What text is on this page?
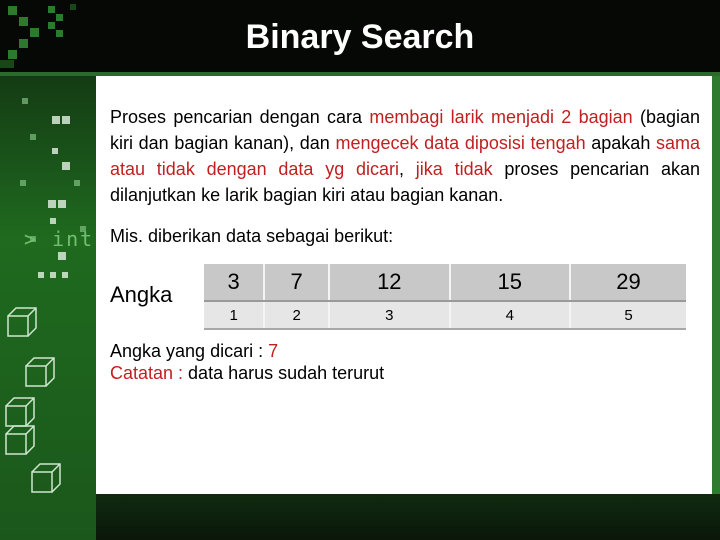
Binary Search
> int
Proses pencarian dengan cara membagi larik menjadi 2 bagian (bagian kiri dan bagian kanan), dan mengecek data diposisi tengah apakah sama atau tidak dengan data yg dicari, jika tidak proses pencarian akan dilanjutkan ke larik bagian kiri atau bagian kanan.
Mis. diberikan data sebagai berikut:
Angka
3	7	12	15	29
1	2	3	4	5
Angka yang dicari : 7
Catatan : data harus sudah terurut
